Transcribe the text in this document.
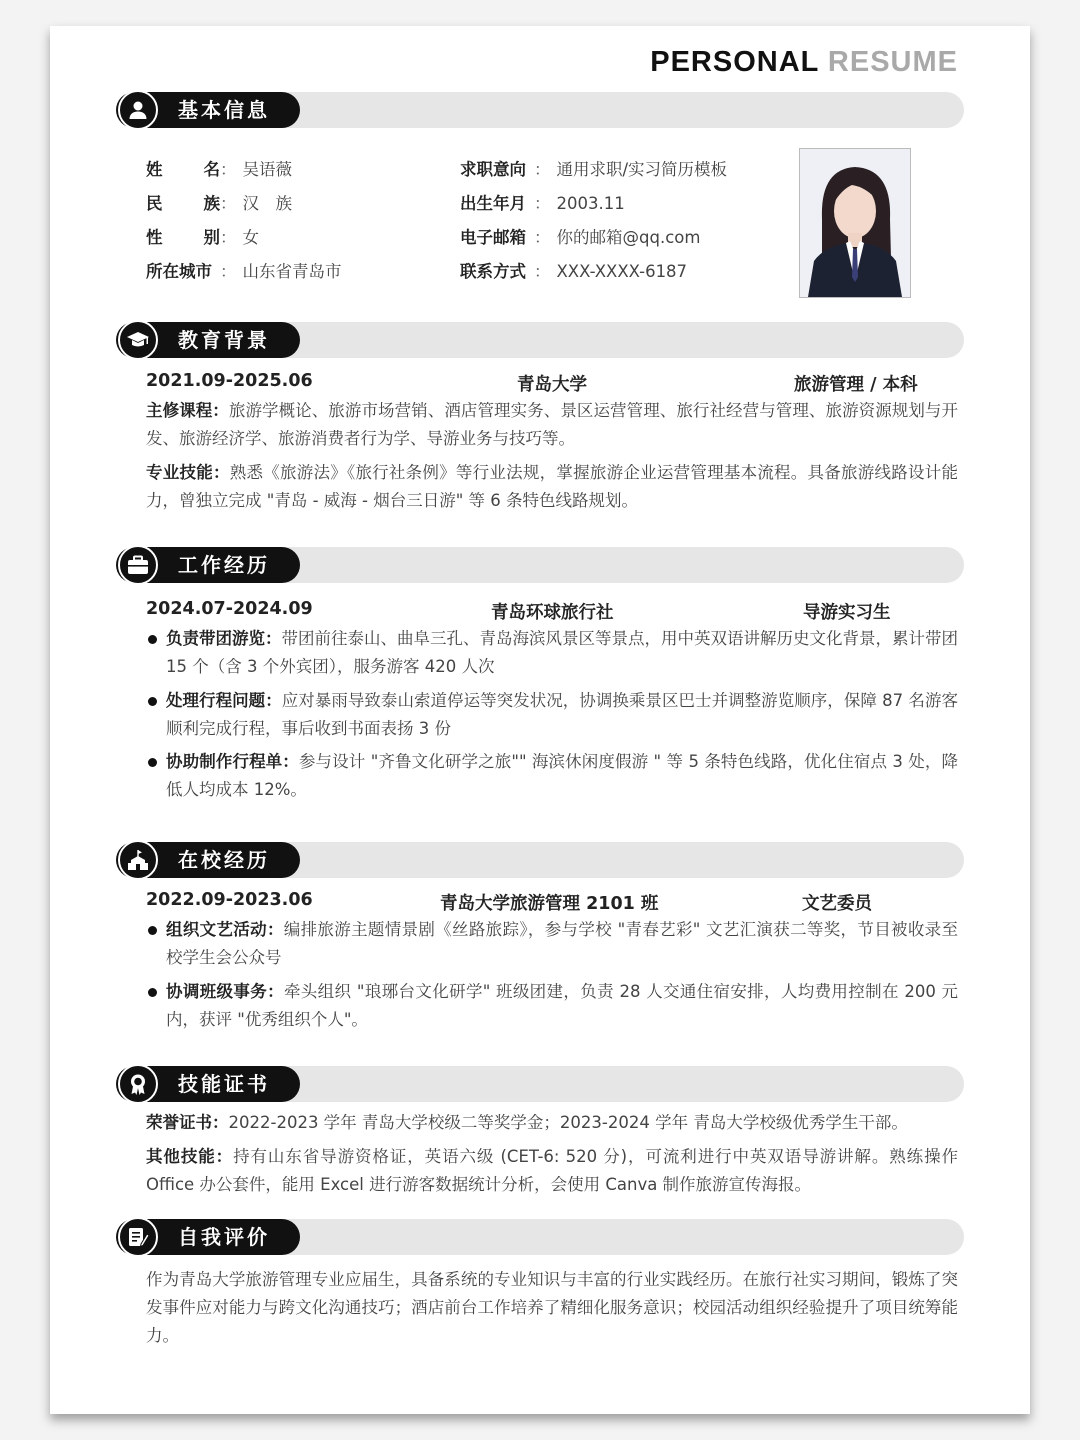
PERSONAL RESUME
基本信息
姓名： 吴语薇
民族： 汉　族
性别： 女
所在城市 ： 山东省青岛市
求职意向 ： 通用求职/实习简历模板
出生年月 ： 2003.11
电子邮箱 ： 你的邮箱@qq.com
联系方式 ： XXX-XXXX-6187
教育背景
2021.09-2025.06	青岛大学	旅游管理 / 本科
主修课程：旅游学概论、旅游市场营销、酒店管理实务、景区运营管理、旅行社经营与管理、旅游资源规划与开发、旅游经济学、旅游消费者行为学、导游业务与技巧等。
专业技能：熟悉《旅游法》《旅行社条例》等行业法规，掌握旅游企业运营管理基本流程。具备旅游线路设计能力，曾独立完成 "青岛 - 威海 - 烟台三日游" 等 6 条特色线路规划。
工作经历
2024.07-2024.09	青岛环球旅行社	导游实习生
负责带团游览：带团前往泰山、曲阜三孔、青岛海滨风景区等景点，用中英双语讲解历史文化背景，累计带团 15 个（含 3 个外宾团），服务游客 420 人次
处理行程问题：应对暴雨导致泰山索道停运等突发状况，协调换乘景区巴士并调整游览顺序，保障 87 名游客顺利完成行程，事后收到书面表扬 3 份
协助制作行程单：参与设计 "齐鲁文化研学之旅"" 海滨休闲度假游 " 等 5 条特色线路，优化住宿点 3 处，降低人均成本 12%。
在校经历
2022.09-2023.06	青岛大学旅游管理 2101 班	文艺委员
组织文艺活动：编排旅游主题情景剧《丝路旅踪》，参与学校 "青春艺彩" 文艺汇演获二等奖，节目被收录至校学生会公众号
协调班级事务：牵头组织 "琅琊台文化研学" 班级团建，负责 28 人交通住宿安排，人均费用控制在 200 元内，获评 "优秀组织个人"。
技能证书
荣誉证书：2022-2023 学年 青岛大学校级二等奖学金；2023-2024 学年 青岛大学校级优秀学生干部。
其他技能：持有山东省导游资格证，英语六级 (CET-6: 520 分)，可流利进行中英双语导游讲解。熟练操作 Office 办公套件，能用 Excel 进行游客数据统计分析，会使用 Canva 制作旅游宣传海报。
自我评价
作为青岛大学旅游管理专业应届生，具备系统的专业知识与丰富的行业实践经历。在旅行社实习期间，锻炼了突发事件应对能力与跨文化沟通技巧；酒店前台工作培养了精细化服务意识；校园活动组织经验提升了项目统筹能力。
